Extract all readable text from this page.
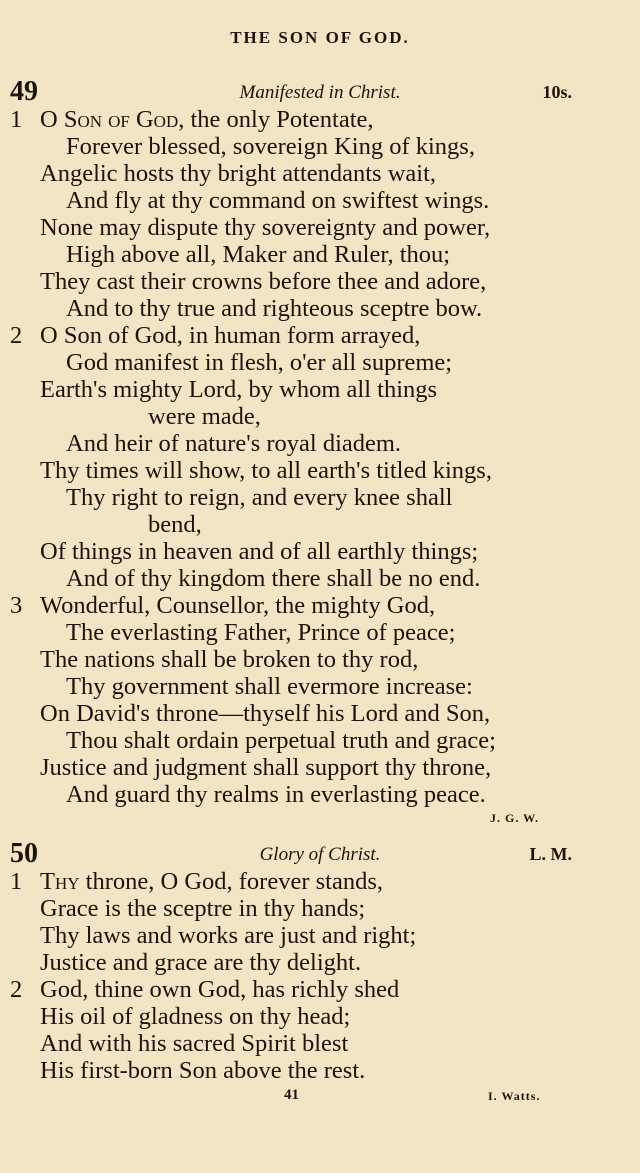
THE SON OF GOD.
49	Manifested in Christ.	10s.
1 O Son of God, the only Potentate,
Forever blessed, sovereign King of kings,
Angelic hosts thy bright attendants wait,
And fly at thy command on swiftest wings.
None may dispute thy sovereignty and power,
High above all, Maker and Ruler, thou;
They cast their crowns before thee and adore,
And to thy true and righteous sceptre bow.
2 O Son of God, in human form arrayed,
God manifest in flesh, o'er all supreme;
Earth's mighty Lord, by whom all things
were made,
And heir of nature's royal diadem.
Thy times will show, to all earth's titled kings,
Thy right to reign, and every knee shall
bend,
Of things in heaven and of all earthly things;
And of thy kingdom there shall be no end.
3 Wonderful, Counsellor, the mighty God,
The everlasting Father, Prince of peace;
The nations shall be broken to thy rod,
Thy government shall evermore increase:
On David's throne—thyself his Lord and Son,
Thou shalt ordain perpetual truth and grace;
Justice and judgment shall support thy throne,
And guard thy realms in everlasting peace.
J. G. W.
50	Glory of Christ.	L. M.
1 Thy throne, O God, forever stands,
Grace is the sceptre in thy hands;
Thy laws and works are just and right;
Justice and grace are thy delight.
2 God, thine own God, has richly shed
His oil of gladness on thy head;
And with his sacred Spirit blest
His first-born Son above the rest.
41	I. Watts.
